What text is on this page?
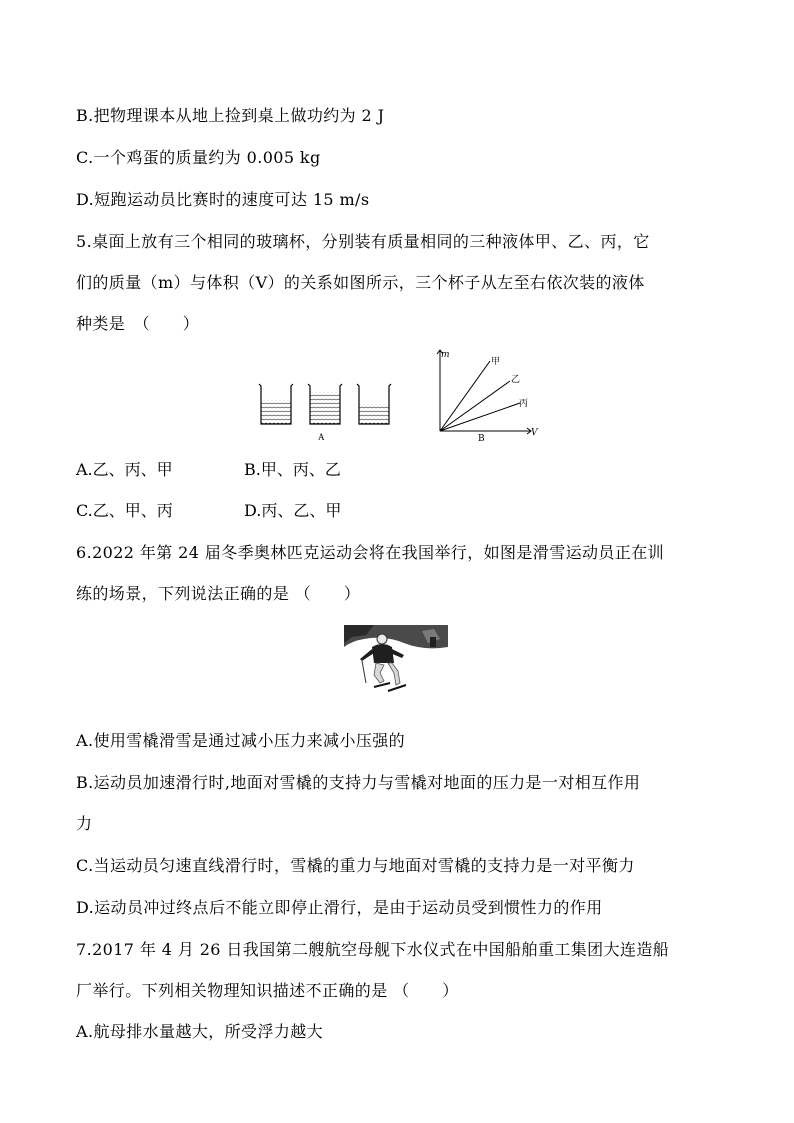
B.把物理课本从地上捡到桌上做功约为 2 J
C.一个鸡蛋的质量约为 0.005 kg
D.短跑运动员比赛时的速度可达 15 m/s
5.桌面上放有三个相同的玻璃杯，分别装有质量相同的三种液体甲、乙、丙，它
们的质量（m）与体积（V）的关系如图所示，三个杯子从左至右依次装的液体
种类是　（　　）
A
m
V
甲
乙
丙
B
A.乙、丙、甲	B.甲、丙、乙
C.乙、甲、丙	D.丙、乙、甲
6.2022 年第 24 届冬季奥林匹克运动会将在我国举行，如图是滑雪运动员正在训
练的场景，下列说法正确的是 （　　）
A.使用雪橇滑雪是通过减小压力来减小压强的
B.运动员加速滑行时,地面对雪橇的支持力与雪橇对地面的压力是一对相互作用
力
C.当运动员匀速直线滑行时，雪橇的重力与地面对雪橇的支持力是一对平衡力
D.运动员冲过终点后不能立即停止滑行，是由于运动员受到惯性力的作用
7.2017 年 4 月 26 日我国第二艘航空母舰下水仪式在中国船舶重工集团大连造船
厂举行。下列相关物理知识描述不正确的是 （　　）
A.航母排水量越大，所受浮力越大
